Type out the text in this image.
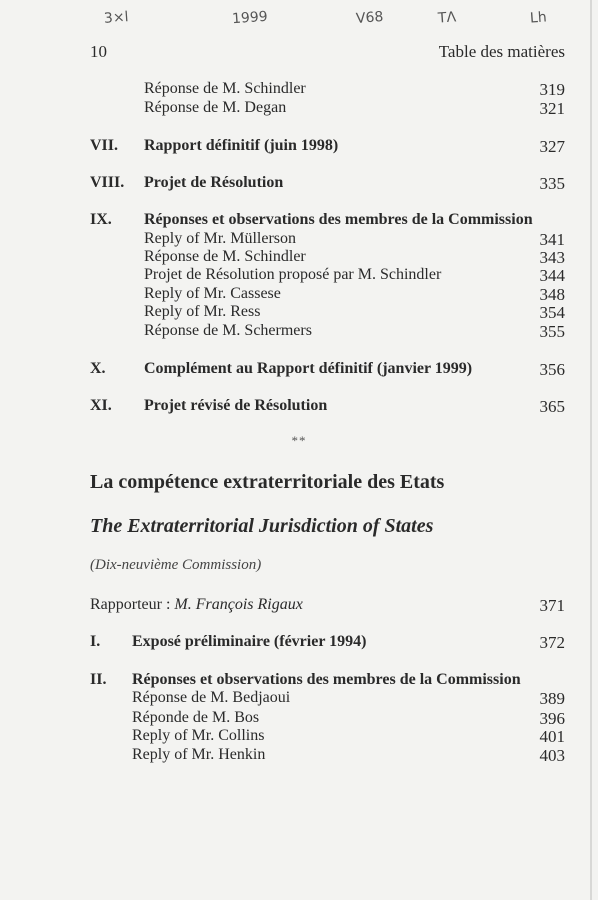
3×l	1999	V68	TΛ	Lh
10	Table des matières
Réponse de M. Schindler	319
Réponse de M. Degan	321
VII. Rapport définitif (juin 1998)	327
VIII. Projet de Résolution	335
IX. Réponses et observations des membres de la Commission
Reply of Mr. Müllerson	341
Réponse de M. Schindler	343
Projet de Résolution proposé par M. Schindler	344
Reply of Mr. Cassese	348
Reply of Mr. Ress	354
Réponse de M. Schermers	355
X. Complément au Rapport définitif (janvier 1999)	356
XI. Projet révisé de Résolution	365
**
La compétence extraterritoriale des Etats
The Extraterritorial Jurisdiction of States
(Dix-neuvième Commission)
Rapporteur : M. François Rigaux	371
I. Exposé préliminaire (février 1994)	372
II. Réponses et observations des membres de la Commission
Réponse de M. Bedjaoui	389
Réponde de M. Bos	396
Reply of Mr. Collins	401
Reply of Mr. Henkin	403
